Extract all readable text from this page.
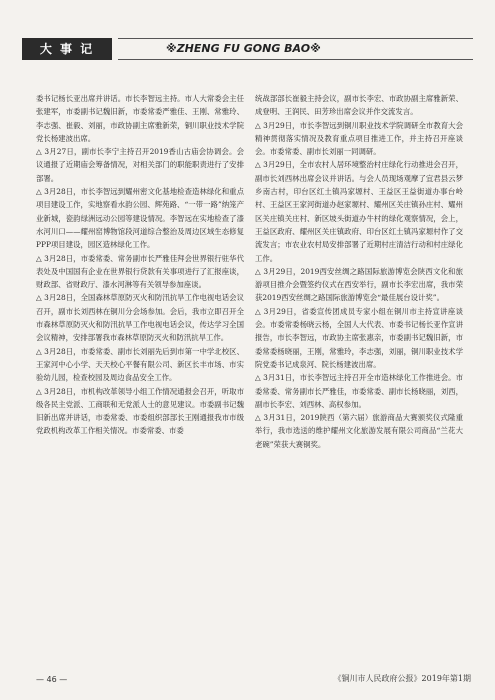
大 事 记	※ZHENG FU GONG BAO※

委书记杨长亚出席并讲话。市长李智远主持。市人大常委会主任张建军，市委副书记魏旧新，市委常委严雅佳、王刚、常雅玲、李志强、崔毅、刘丽，市政协副主席雅新荣，铜川职业技术学院党长杨建波出席。

△ 3月27日，副市长李宁主持召开2019香山古庙会协调会。会议通报了近期庙会筹备情况，对相关部门的职能职责进行了安排部署。

△ 3月28日，市长李智远到耀州密文化基地检查造林绿化和重点项目建设工作，实地察看水韵公园、辉苑路、“一带一路”纳笼产业新城，瓷韵绿洲远动公园等建设情况。李智远在实地检查了漆水河川口——耀州窑博物馆段河道综合整治及周边区域生态修复PPP项目建设，园区造林绿化工作。

△ 3月28日，市委常委、常务副市长严雅佳拜会世界银行驻华代表处及中国国有企业在世界银行贷款有关事项进行了汇报座谈，财政部、省财政厅、漆水河淋等有关领导参加座谈。

△ 3月28日，全国森林草原防灭火和防汛抗旱工作电视电话会议召开，副市长刘西林在铜川分会场参加。会后，我市立即召开全市森林草原防灭火和防汛抗旱工作电视电话会议，传达学习全国会议精神，安排部署我市森林草原防灭火和防汛抗旱工作。

△ 3月28日，市委常委、副市长刘丽先后到市第一中学北校区、王家河中心小学、天天校心平餐有限公司、新区长丰市场、市实验幼儿园，检查校园及周边食品安全工作。

△ 3月28日，市机构改革领导小组工作情况通报会召开，听取市级各民主党派、工商联和无党派人士的意见建议。市委副书记魏旧新出席并讲话，市委常委、市委组织部部长王刚通报我市市级党政机构改革工作相关情况。市委常委、市委

统战部部长崔毅主持会议，副市长李宏、市政协副主席雅新荣、成登明、王润民、田芳珍出席会议并作交流发言。

△ 3月29日，市长李智远到铜川职业技术学院调研全市教育大会精神贯彻落实情况及教育重点项目推进工作，并主持召开座谈会。市委常委、副市长刘丽一同调研。

△ 3月29日，全市农村人居环境整治村庄绿化行动推进会召开，副市长刘西林出席会议并讲话。与会人员现场观摩了宜君县云梦乡南古村，印台区红土镇冯家塬村、王益区王益街道办事台岭村、王益区王家河街道办赵家塬村、耀州区关庄镇孙庄村、耀州区关庄镇关庄村、新区坡头街道办牛村的绿化观察情况，会上，王益区政府、耀州区关庄镇政府、印台区红土镇冯家塬村作了交流发言；市农业农村局安排部署了近期村庄清洁行动和村庄绿化工作。

△ 3月29日，2019西安丝绸之路国际旅游博览会陕西文化和旅游项目推介会暨签约仪式在西安举行，副市长李宏出席，我市荣获2019西安丝绸之路国际旅游博览会“最佳展台设计奖”。

△ 3月29日，省委宣传团成员专家小组在铜川市主持宣讲座谈会。市委常委杨晓云杨，全国人大代表、市委书记杨长亚作宣讲报告，市长李智远，市政协主席张惠亲，市委副书记魏旧新，市委常委杨晓丽，王刚，常雅玲，李志强，刘丽，铜川职业技术学院党委书记成泉河、院长杨建波出席。

△ 3月31日，市长李智远主持召开全市造林绿化工作推进会。市委常委、常务副市长严雅佳，市委常委、副市长杨晓丽，刘西，副市长李宏、刘西林、高权参加。

△ 3月31日，2019陕西（第六届）旅游商品大赛颁奖仪式隆重举行，我市选送的维护耀州文化旅游发展有限公司商品“兰花大老碗”荣获大赛铜奖。

— 46 —	《铜川市人民政府公报》2019年第1期
